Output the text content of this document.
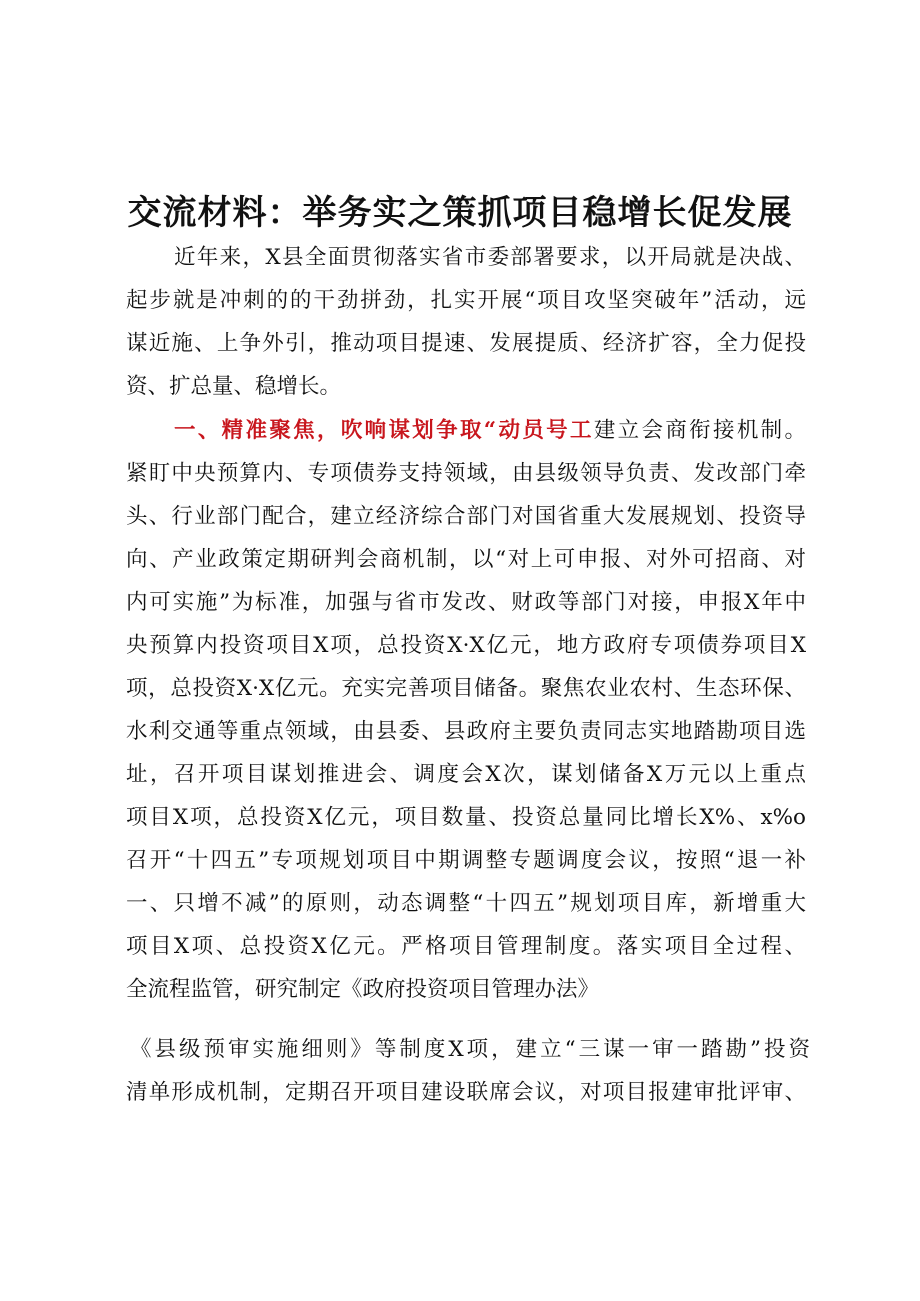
交流材料：举务实之策抓项目稳增长促发展
近年来，X县全面贯彻落实省市委部署要求，以开局就是决战、
起步就是冲刺的的干劲拼劲，扎实开展“项目攻坚突破年”活动，远
谋近施、上争外引，推动项目提速、发展提质、经济扩容，全力促投
资、扩总量、稳增长。
一、精准聚焦，吹响谋划争取“动员号工建立会商衔接机制。
紧盯中央预算内、专项债券支持领域，由县级领导负责、发改部门牵
头、行业部门配合，建立经济综合部门对国省重大发展规划、投资导
向、产业政策定期研判会商机制，以“对上可申报、对外可招商、对
内可实施”为标准，加强与省市发改、财政等部门对接，申报X年中
央预算内投资项目X项，总投资X·X亿元，地方政府专项债券项目X
项，总投资X·X亿元。充实完善项目储备。聚焦农业农村、生态环保、
水利交通等重点领域，由县委、县政府主要负责同志实地踏勘项目选
址，召开项目谋划推进会、调度会X次，谋划储备X万元以上重点
项目X项，总投资X亿元，项目数量、投资总量同比增长X%、x%o
召开“十四五”专项规划项目中期调整专题调度会议，按照“退一补
一、只增不减”的原则，动态调整“十四五”规划项目库，新增重大
项目X项、总投资X亿元。严格项目管理制度。落实项目全过程、
全流程监管，研究制定《政府投资项目管理办法》
《县级预审实施细则》等制度X项，建立“三谋一审一踏勘”投资
清单形成机制，定期召开项目建设联席会议，对项目报建审批评审、
